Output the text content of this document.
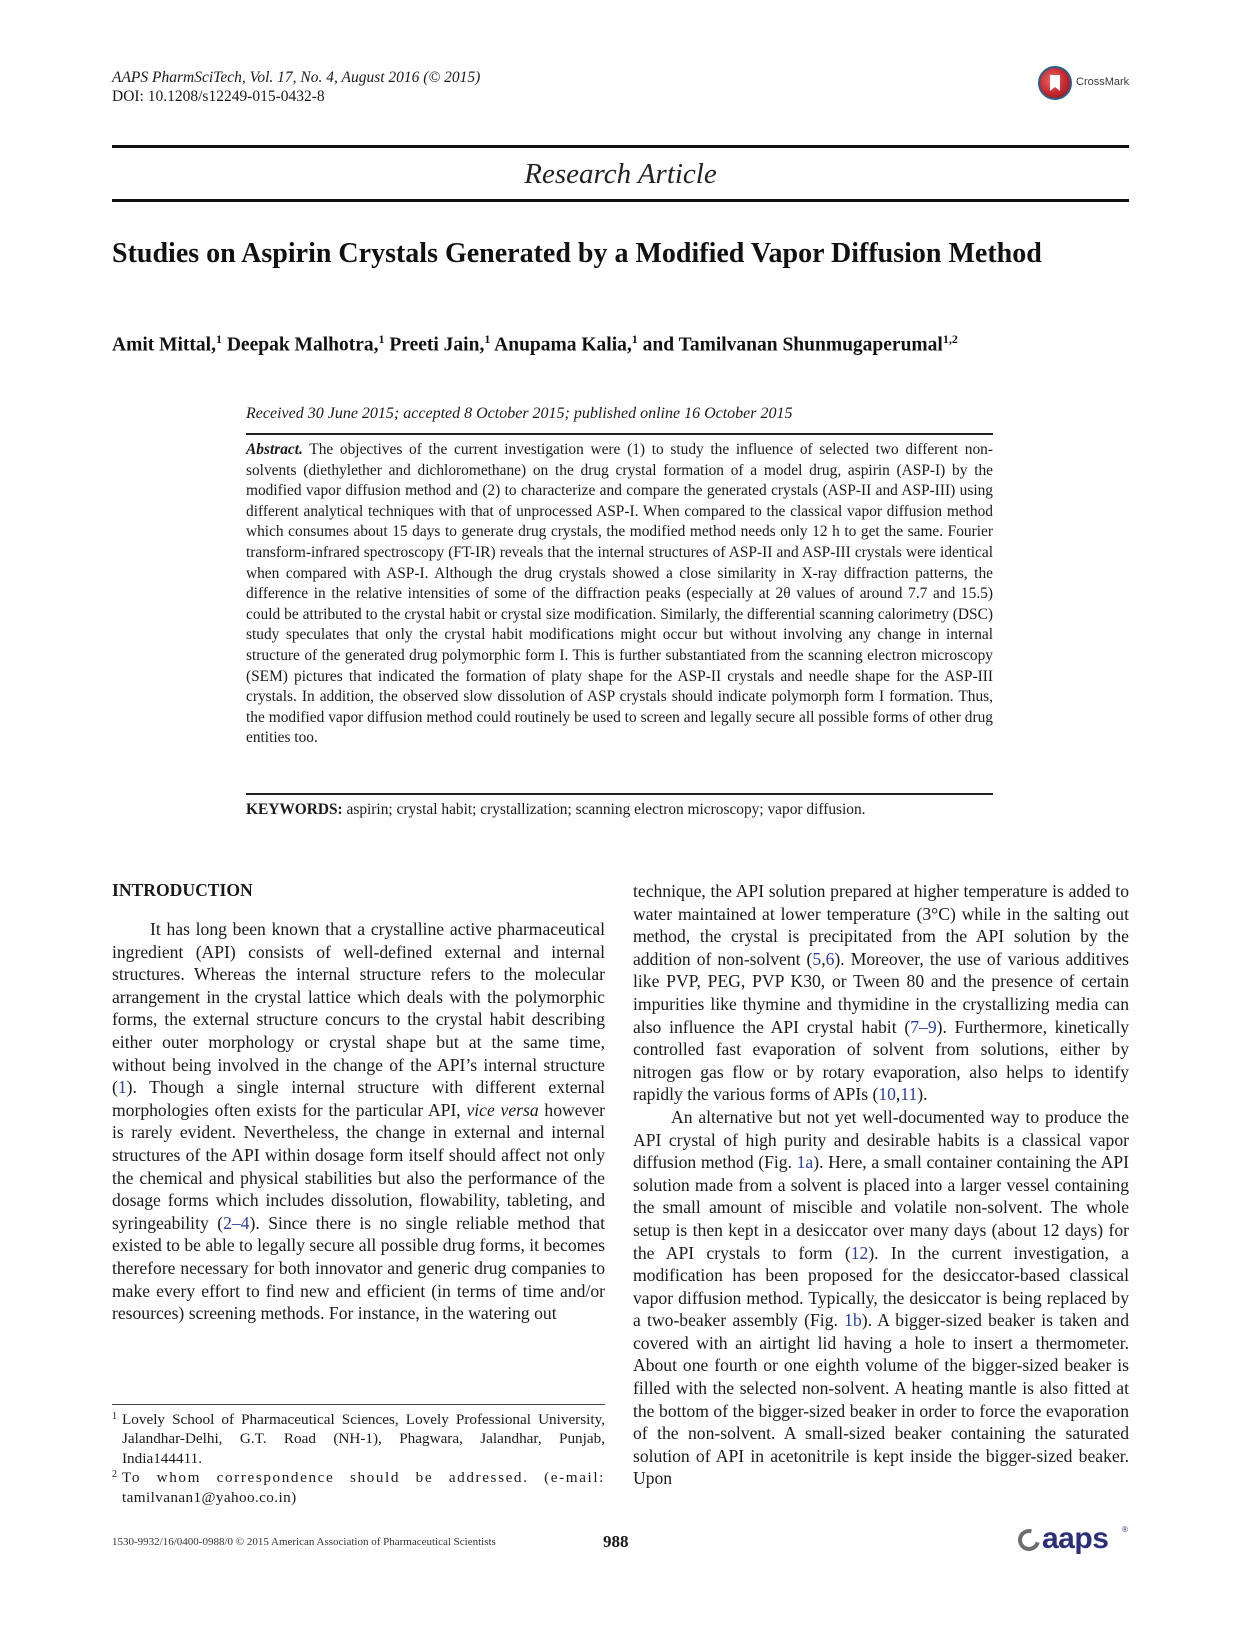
AAPS PharmSciTech, Vol. 17, No. 4, August 2016 (© 2015)
DOI: 10.1208/s12249-015-0432-8
CrossMark
Research Article
Studies on Aspirin Crystals Generated by a Modified Vapor Diffusion Method
Amit Mittal,$^1$ Deepak Malhotra,$^1$ Preeti Jain,$^1$ Anupama Kalia,$^1$ and Tamilvanan Shunmugaperumal$^{1,2}$
Received 30 June 2015; accepted 8 October 2015; published online 16 October 2015
Abstract. The objectives of the current investigation were (1) to study the influence of selected two different non-solvents (diethylether and dichloromethane) on the drug crystal formation of a model drug, aspirin (ASP-I) by the modified vapor diffusion method and (2) to characterize and compare the generated crystals (ASP-II and ASP-III) using different analytical techniques with that of unprocessed ASP-I. When compared to the classical vapor diffusion method which consumes about 15 days to generate drug crystals, the modified method needs only 12 h to get the same. Fourier transform-infrared spectroscopy (FT-IR) reveals that the internal structures of ASP-II and ASP-III crystals were identical when compared with ASP-I. Although the drug crystals showed a close similarity in X-ray diffraction patterns, the difference in the relative intensities of some of the diffraction peaks (especially at 2θ values of around 7.7 and 15.5) could be attributed to the crystal habit or crystal size modification. Similarly, the differential scanning calorimetry (DSC) study speculates that only the crystal habit modifications might occur but without involving any change in internal structure of the generated drug polymorphic form I. This is further substantiated from the scanning electron microscopy (SEM) pictures that indicated the formation of platy shape for the ASP-II crystals and needle shape for the ASP-III crystals. In addition, the observed slow dissolution of ASP crystals should indicate polymorph form I formation. Thus, the modified vapor diffusion method could routinely be used to screen and legally secure all possible forms of other drug entities too.
KEYWORDS: aspirin; crystal habit; crystallization; scanning electron microscopy; vapor diffusion.
INTRODUCTION

It has long been known that a crystalline active pharmaceutical ingredient (API) consists of well-defined external and internal structures. Whereas the internal structure refers to the molecular arrangement in the crystal lattice which deals with the polymorphic forms, the external structure concurs to the crystal habit describing either outer morphology or crystal shape but at the same time, without being involved in the change of the API’s internal structure (1). Though a single internal structure with different external morphologies often exists for the particular API, vice versa however is rarely evident. Nevertheless, the change in external and internal structures of the API within dosage form itself should affect not only the chemical and physical stabilities but also the performance of the dosage forms which includes dissolution, flowability, tableting, and syringeability (2–4). Since there is no single reliable method that existed to be able to legally secure all possible drug forms, it becomes therefore necessary for both innovator and generic drug companies to make every effort to find new and efficient (in terms of time and/or resources) screening methods. For instance, in the watering out

technique, the API solution prepared at higher temperature is added to water maintained at lower temperature (3°C) while in the salting out method, the crystal is precipitated from the API solution by the addition of non-solvent (5,6). Moreover, the use of various additives like PVP, PEG, PVP K30, or Tween 80 and the presence of certain impurities like thymine and thymidine in the crystallizing media can also influence the API crystal habit (7–9). Furthermore, kinetically controlled fast evaporation of solvent from solutions, either by nitrogen gas flow or by rotary evaporation, also helps to identify rapidly the various forms of APIs (10,11).

An alternative but not yet well-documented way to produce the API crystal of high purity and desirable habits is a classical vapor diffusion method (Fig. 1a). Here, a small container containing the API solution made from a solvent is placed into a larger vessel containing the small amount of miscible and volatile non-solvent. The whole setup is then kept in a desiccator over many days (about 12 days) for the API crystals to form (12). In the current investigation, a modification has been proposed for the desiccator-based classical vapor diffusion method. Typically, the desiccator is being replaced by a two-beaker assembly (Fig. 1b). A bigger-sized beaker is taken and covered with an airtight lid having a hole to insert a thermometer. About one fourth or one eighth volume of the bigger-sized beaker is filled with the selected non-solvent. A heating mantle is also fitted at the bottom of the bigger-sized beaker in order to force the evaporation of the non-solvent. A small-sized beaker containing the saturated solution of API in acetonitrile is kept inside the bigger-sized beaker. Upon

1 Lovely School of Pharmaceutical Sciences, Lovely Professional University, Jalandhar-Delhi, G.T. Road (NH-1), Phagwara, Jalandhar, Punjab, India144411.
2 To whom correspondence should be addressed. (e-mail: tamilvanan1@yahoo.co.in)
1530-9932/16/0400-0988/0 © 2015 American Association of Pharmaceutical Scientists	988	aaps ®
